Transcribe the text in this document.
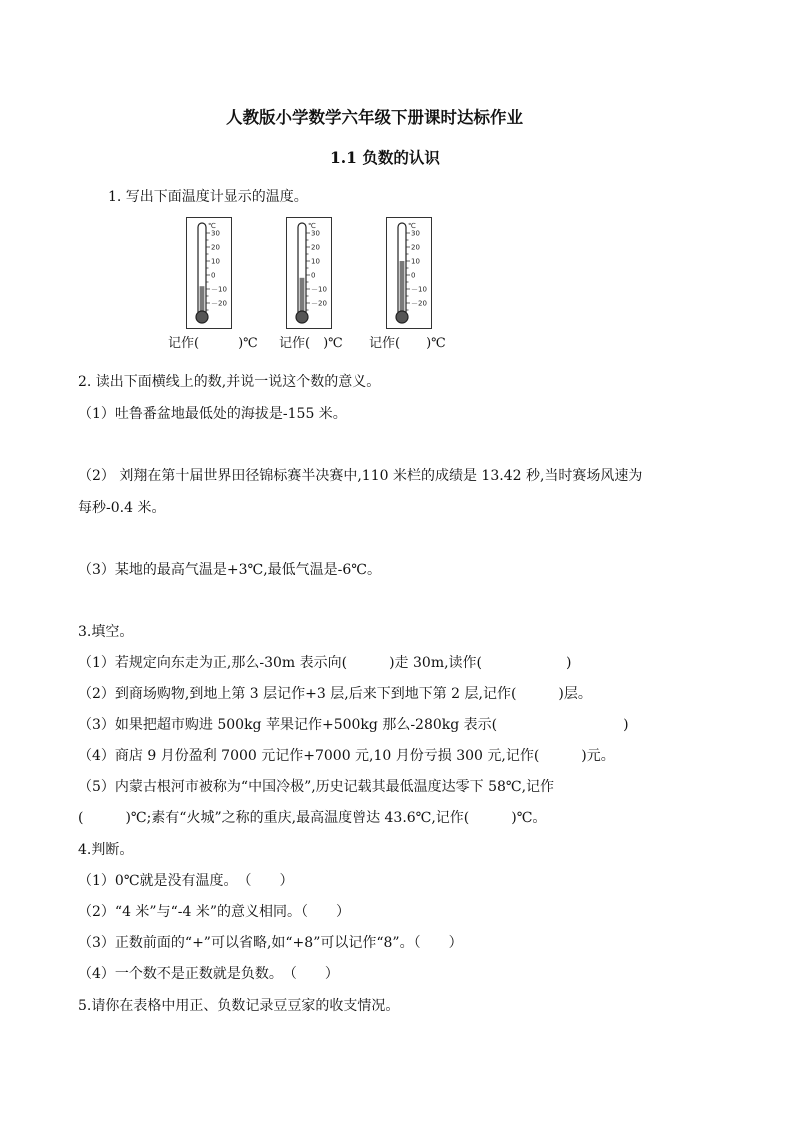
人教版小学数学六年级下册课时达标作业
1.1 负数的认识
1. 写出下面温度计显示的温度。
℃
30
20
10
0
－10
－20
℃
30
20
10
0
－10
－20
℃
30
20
10
0
－10
－20
记作(　　　)℃ 记作(　)℃ 记作(　　)℃
2. 读出下面横线上的数,并说一说这个数的意义。
（1）吐鲁番盆地最低处的海拔是-155 米。
（2） 刘翔在第十届世界田径锦标赛半决赛中,110 米栏的成绩是 13.42 秒,当时赛场风速为
每秒-0.4 米。
（3）某地的最高气温是+3℃,最低气温是-6℃。
3.填空。
（1）若规定向东走为正,那么-30m 表示向(　　　)走 30m,读作(　　　　　　)
（2）到商场购物,到地上第 3 层记作+3 层,后来下到地下第 2 层,记作(　　　)层。
（3）如果把超市购进 500kg 苹果记作+500kg 那么-280kg 表示(　　　　　　　　　)
（4）商店 9 月份盈利 7000 元记作+7000 元,10 月份亏损 300 元,记作(　　　)元。
（5）内蒙古根河市被称为“中国冷极”,历史记载其最低温度达零下 58℃,记作
(　　　)℃;素有“火城”之称的重庆,最高温度曾达 43.6℃,记作(　　　)℃。
4.判断。
（1）0℃就是没有温度。　（　　）
（2）“4 米”与“-4 米”的意义相同。（　　）
（3）正数前面的“+”可以省略,如“+8”可以记作“8”。（　　）
（4）一个数不是正数就是负数。　（　　）
5.请你在表格中用正、负数记录豆豆家的收支情况。
